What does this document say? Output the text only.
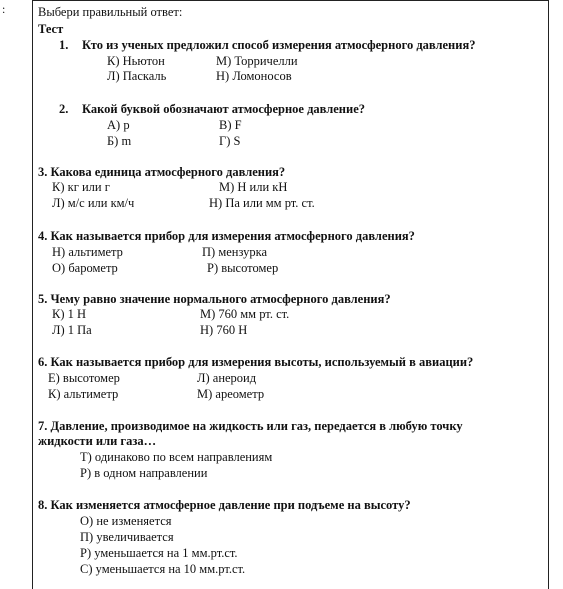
:	Выбери правильный ответ:
Тест
1. Кто из ученых предложил способ измерения атмосферного давления?
К) Ньютон	М) Торричелли
Л) Паскаль	Н) Ломоносов
2. Какой буквой обозначают атмосферное давление?
А) р	В) F
Б) m	Г) S
3. Какова единица атмосферного давления?
К) кг или г	М) Н или кН
Л) м/с или км/ч	Н) Па или мм рт. ст.
4. Как называется прибор для измерения атмосферного давления?
Н) альтиметр	П) мензурка
О) барометр	Р) высотомер
5. Чему равно значение нормального атмосферного давления?
К) 1 Н	М) 760 мм рт. ст.
Л) 1 Па	Н) 760 Н
6. Как называется прибор для измерения высоты, используемый в авиации?
Е) высотомер	Л) анероид
К) альтиметр	М) ареометр
7. Давление, производимое на жидкость или газ, передается в любую точку
жидкости или газа…
Т) одинаково по всем направлениям
Р) в одном направлении
8. Как изменяется атмосферное давление при подъеме на высоту?
О) не изменяется
П) увеличивается
Р) уменьшается на 1 мм.рт.ст.
С) уменьшается на 10 мм.рт.ст.
